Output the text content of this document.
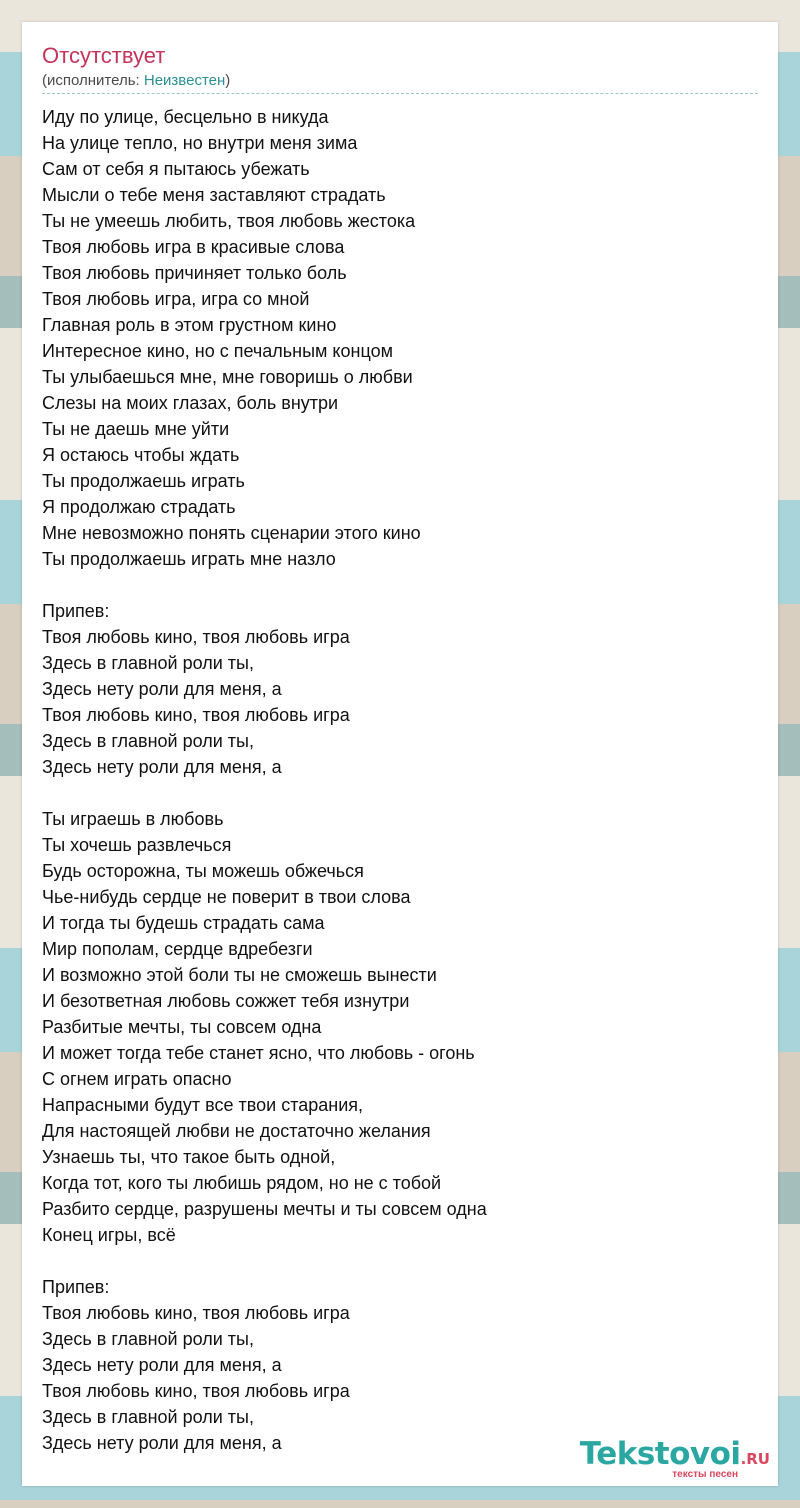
Отсутствует
(исполнитель: Неизвестен)
Иду по улице, бесцельно в никуда
На улице тепло, но внутри меня зима
Сам от себя я пытаюсь убежать
Мысли о тебе меня заставляют страдать
Ты не умеешь любить, твоя любовь жестока
Твоя любовь игра в красивые слова
Твоя любовь причиняет только боль
Твоя любовь игра, игра со мной
Главная роль в этом грустном кино
Интересное кино, но с печальным концом
Ты улыбаешься мне, мне говоришь о любви
Слезы на моих глазах, боль внутри
Ты не даешь мне уйти
Я остаюсь чтобы ждать
Ты продолжаешь играть
Я продолжаю страдать
Мне невозможно понять сценарии этого кино
Ты продолжаешь играть мне назло

Припев:
Твоя любовь кино, твоя любовь игра
Здесь в главной роли ты,
Здесь нету роли для меня, а
Твоя любовь кино, твоя любовь игра
Здесь в главной роли ты,
Здесь нету роли для меня, а

Ты играешь в любовь
Ты хочешь развлечься
Будь осторожна, ты можешь обжечься
Чье-нибудь сердце не поверит в твои слова
И тогда ты будешь страдать сама
Мир пополам, сердце вдребезги
И возможно этой боли ты не сможешь вынести
И безответная любовь сожжет тебя изнутри
Разбитые мечты, ты совсем одна
И может тогда тебе станет ясно, что любовь - огонь
С огнем играть опасно
Напрасными будут все твои старания,
Для настоящей любви не достаточно желания
Узнаешь ты, что такое быть одной,
Когда тот, кого ты любишь рядом, но не с тобой
Разбито сердце, разрушены мечты и ты совсем одна
Конец игры, всё

Припев:
Твоя любовь кино, твоя любовь игра
Здесь в главной роли ты,
Здесь нету роли для меня, а
Твоя любовь кино, твоя любовь игра
Здесь в главной роли ты,
Здесь нету роли для меня, а	Tekstovoi.RU
тексты песен
